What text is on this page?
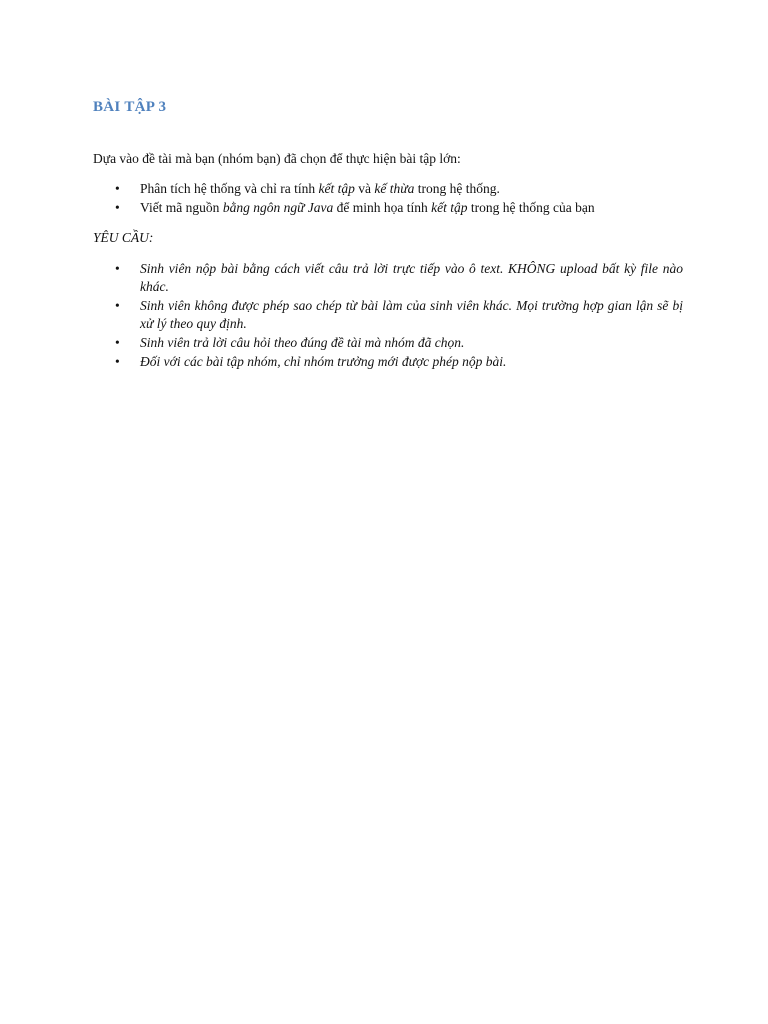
BÀI TẬP 3
Dựa vào đề tài mà bạn (nhóm bạn) đã chọn để thực hiện bài tập lớn:
• Phân tích hệ thống và chỉ ra tính kết tập và kế thừa trong hệ thống.
• Viết mã nguồn bằng ngôn ngữ Java để minh họa tính kết tập trong hệ thống của bạn
YÊU CẦU:
• Sinh viên nộp bài bằng cách viết câu trả lời trực tiếp vào ô text. KHÔNG upload bất kỳ file nào khác.
• Sinh viên không được phép sao chép từ bài làm của sinh viên khác. Mọi trường hợp gian lận sẽ bị xử lý theo quy định.
• Sinh viên trả lời câu hỏi theo đúng đề tài mà nhóm đã chọn.
• Đối với các bài tập nhóm, chỉ nhóm trưởng mới được phép nộp bài.
